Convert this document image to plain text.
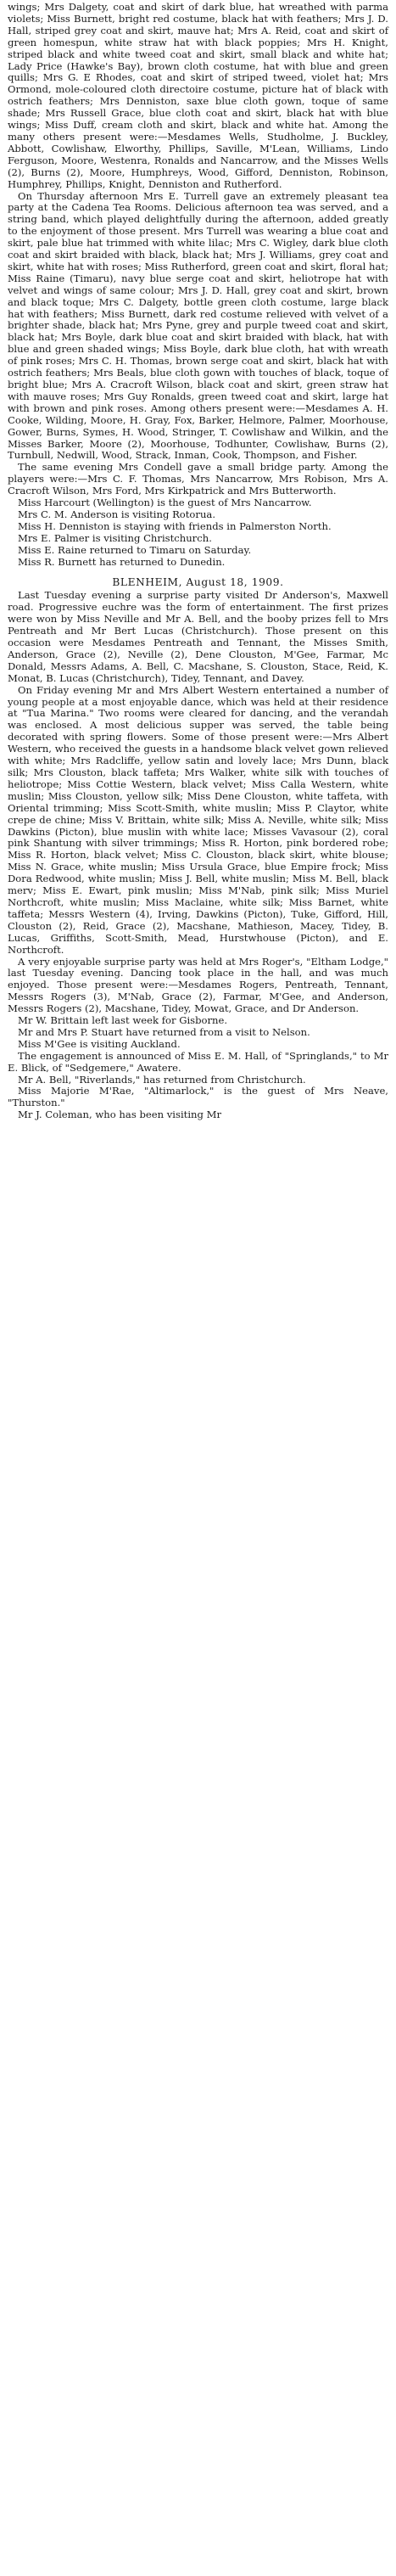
wings; Mrs Dalgety, coat and skirt of dark blue, hat wreathed with parma violets; Miss Burnett, bright red costume, black hat with feathers; Mrs J. D. Hall, striped grey coat and skirt, mauve hat; Mrs A. Reid, coat and skirt of green homespun, white straw hat with black poppies; Mrs H. Knight, striped black and white tweed coat and skirt, small black and white hat; Lady Price (Hawke's Bay), brown cloth costume, hat with blue and green quills; Mrs G. E Rhodes, coat and skirt of striped tweed, violet hat; Mrs Ormond, mole-coloured cloth directoire costume, picture hat of black with ostrich feathers; Mrs Denniston, saxe blue cloth gown, toque of same shade; Mrs Russell Grace, blue cloth coat and skirt, black hat with blue wings; Miss Duff, cream cloth and skirt, black and white hat. Among the many others present were:—Mesdames Wells, Studholme, J. Buckley, Abbott, Cowlishaw, Elworthy, Phillips, Saville, M'Lean, Williams, Lindo Ferguson, Moore, Westenra, Ronalds and Nancarrow, and the Misses Wells (2), Burns (2), Moore, Humphreys, Wood, Gifford, Denniston, Robinson, Humphrey, Phillips, Knight, Denniston and Rutherford.

On Thursday afternoon Mrs E. Turrell gave an extremely pleasant tea party at the Cadena Tea Rooms. Delicious afternoon tea was served, and a string band, which played delightfully during the afternoon, added greatly to the enjoyment of those present. Mrs Turrell was wearing a blue coat and skirt, pale blue hat trimmed with white lilac; Mrs C. Wigley, dark blue cloth coat and skirt braided with black, black hat; Mrs J. Williams, grey coat and skirt, white hat with roses; Miss Rutherford, green coat and skirt, floral hat; Miss Raine (Timaru), navy blue serge coat and skirt, heliotrope hat with velvet and wings of same colour; Mrs J. D. Hall, grey coat and skirt, brown and black toque; Mrs C. Dalgety, bottle green cloth costume, large black hat with feathers; Miss Burnett, dark red costume relieved with velvet of a brighter shade, black hat; Mrs Pyne, grey and purple tweed coat and skirt, black hat; Mrs Boyle, dark blue coat and skirt braided with black, hat with blue and green shaded wings; Miss Boyle, dark blue cloth, hat with wreath of pink roses; Mrs C. H. Thomas, brown serge coat and skirt, black hat with ostrich feathers; Mrs Beals, blue cloth gown with touches of black, toque of bright blue; Mrs A. Cracroft Wilson, black coat and skirt, green straw hat with mauve roses; Mrs Guy Ronalds, green tweed coat and skirt, large hat with brown and pink roses. Among others present were:—Mesdames A. H. Cooke, Wilding, Moore, H. Gray, Fox, Barker, Helmore, Palmer, Moorhouse, Gower, Burns, Symes, H. Wood, Stringer, T. Cowlishaw and Wilkin, and the Misses Barker, Moore (2), Moorhouse, Todhunter, Cowlishaw, Burns (2), Turnbull, Nedwill, Wood, Strack, Inman, Cook, Thompson, and Fisher.

The same evening Mrs Condell gave a small bridge party. Among the players were:—Mrs C. F. Thomas, Mrs Nancarrow, Mrs Robison, Mrs A. Cracroft Wilson, Mrs Ford, Mrs Kirkpatrick and Mrs Butterworth.

Miss Harcourt (Wellington) is the guest of Mrs Nancarrow.

Mrs C. M. Anderson is visiting Rotorua.

Miss H. Denniston is staying with friends in Palmerston North.

Mrs E. Palmer is visiting Christchurch.

Miss E. Raine returned to Timaru on Saturday.

Miss R. Burnett has returned to Dunedin.

BLENHEIM, August 18, 1909.

Last Tuesday evening a surprise party visited Dr Anderson's, Maxwell road. Progressive euchre was the form of entertainment. The first prizes were won by Miss Neville and Mr A. Bell, and the booby prizes fell to Mrs Pentreath and Mr Bert Lucas (Christchurch). Those present on this occasion were Mesdames Pentreath and Tennant, the Misses Smith, Anderson, Grace (2), Neville (2), Dene Clouston, M'Gee, Farmar, Mc Donald, Messrs Adams, A. Bell, C. Macshane, S. Clouston, Stace, Reid, K. Monat, B. Lucas (Christchurch), Tidey, Tennant, and Davey.

On Friday evening Mr and Mrs Albert Western entertained a number of young people at a most enjoyable dance, which was held at their residence at "Tua Marina." Two rooms were cleared for dancing, and the verandah was enclosed. A most delicious supper was served, the table being decorated with spring flowers. Some of those present were:—Mrs Albert Western, who received the guests in a handsome black velvet gown relieved with white; Mrs Radcliffe, yellow satin and lovely lace; Mrs Dunn, black silk; Mrs Clouston, black taffeta; Mrs Walker, white silk with touches of heliotrope; Miss Cottie Western, black velvet; Miss Calla Western, white muslin; Miss Clouston, yellow silk; Miss Dene Clouston, white taffeta, with Oriental trimming; Miss Scott-Smith, white muslin; Miss P. Claytor, white crepe de chine; Miss V. Brittain, white silk; Miss A. Neville, white silk; Miss Dawkins (Picton), blue muslin with white lace; Misses Vavasour (2), coral pink Shantung with silver trimmings; Miss R. Horton, pink bordered robe; Miss R. Horton, black velvet; Miss C. Clouston, black skirt, white blouse; Miss N. Grace, white muslin; Miss Ursula Grace, blue Empire frock; Miss Dora Redwood, white muslin; Miss J. Bell, white muslin; Miss M. Bell, black merv; Miss E. Ewart, pink muslin; Miss M'Nab, pink silk; Miss Muriel Northcroft, white muslin; Miss Maclaine, white silk; Miss Barnet, white taffeta; Messrs Western (4), Irving, Dawkins (Picton), Tuke, Gifford, Hill, Clouston (2), Reid, Grace (2), Macshane, Mathieson, Macey, Tidey, B. Lucas, Griffiths, Scott-Smith, Mead, Hurstwhouse (Picton), and E. Northcroft.

A very enjoyable surprise party was held at Mrs Roger's, "Eltham Lodge," last Tuesday evening. Dancing took place in the hall, and was much enjoyed. Those present were:—Mesdames Rogers, Pentreath, Tennant, Messrs Rogers (3), M'Nab, Grace (2), Farmar, M'Gee, and Anderson, Messrs Rogers (2), Macshane, Tidey, Mowat, Grace, and Dr Anderson.

Mr W. Brittain left last week for Gisborne.

Mr and Mrs P. Stuart have returned from a visit to Nelson.

Miss M'Gee is visiting Auckland.

The engagement is announced of Miss E. M. Hall, of "Springlands," to Mr E. Blick, of "Sedgemere," Awatere.

Mr A. Bell, "Riverlands," has returned from Christchurch.

Miss Majorie M'Rae, "Altimarlock," is the guest of Mrs Neave, "Thurston."

Mr J. Coleman, who has been visiting Mr
